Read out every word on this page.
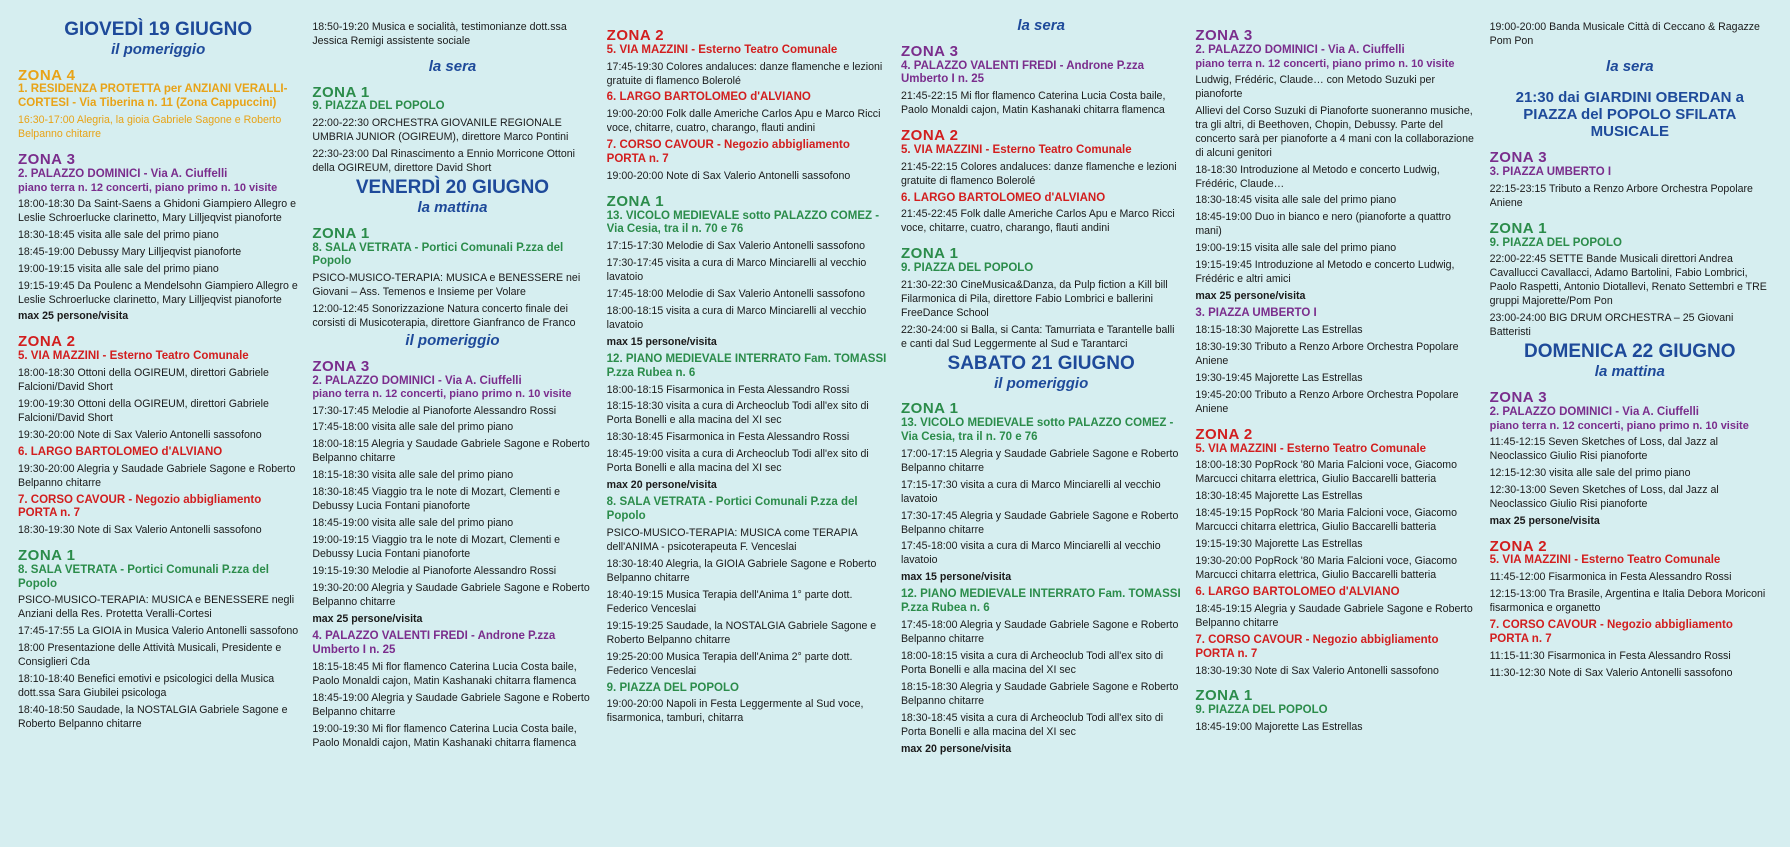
GIOVEDÌ 19 GIUGNO
il pomeriggio
ZONA 4
1. RESIDENZA PROTETTA per ANZIANI VERALLI-CORTESI - Via Tiberina n. 11 (Zona Cappuccini)
16:30-17:00 Alegria, la gioia Gabriele Sagone e Roberto Belpanno chitarre
ZONA 3
2. PALAZZO DOMINICI - Via A. Ciuffelli
piano terra n. 12 concerti, piano primo n. 10 visite
18:00-18:30 Da Saint-Saens a Ghidoni Giampiero Allegro e Leslie Schroerlucke clarinetto, Mary Lilljeqvist pianoforte
18:30-18:45 visita alle sale del primo piano
18:45-19:00 Debussy Mary Lilljeqvist pianoforte
19:00-19:15 visita alle sale del primo piano
19:15-19:45 Da Poulenc a Mendelsohn Giampiero Allegro e Leslie Schroerlucke clarinetto, Mary Lilljeqvist pianoforte
max 25 persone/visita
ZONA 2
5. VIA MAZZINI - Esterno Teatro Comunale
18:00-18:30 Ottoni della OGIREUM, direttori Gabriele Falcioni/David Short
19:00-19:30 Ottoni della OGIREUM, direttori Gabriele Falcioni/David Short
19:30-20:00 Note di Sax Valerio Antonelli sassofono
6. LARGO BARTOLOMEO d'ALVIANO
19:30-20:00 Alegria y Saudade Gabriele Sagone e Roberto Belpanno chitarre
7. CORSO CAVOUR - Negozio abbigliamento PORTA n. 7
18:30-19:30 Note di Sax Valerio Antonelli sassofono
ZONA 1
8. SALA VETRATA - Portici Comunali P.zza del Popolo
PSICO-MUSICO-TERAPIA: MUSICA e BENESSERE negli Anziani della Res. Protetta Veralli-Cortesi
17:45-17:55 La GIOIA in Musica Valerio Antonelli sassofono
18:00 Presentazione delle Attività Musicali, Presidente e Consiglieri Cda
18:10-18:40 Benefici emotivi e psicologici della Musica dott.ssa Sara Giubilei psicologa
18:40-18:50 Saudade, la NOSTALGIA Gabriele Sagone e Roberto Belpanno chitarre
18:50-19:20 Musica e socialità, testimonianze dott.ssa Jessica Remigi assistente sociale
la sera
ZONA 1
9. PIAZZA DEL POPOLO
22:00-22:30 ORCHESTRA GIOVANILE REGIONALE UMBRIA JUNIOR (OGIREUM), direttore Marco Pontini
22:30-23:00 Dal Rinascimento a Ennio Morricone Ottoni della OGIREUM, direttore David Short
VENERDÌ 20 GIUGNO
la mattina
ZONA 1
8. SALA VETRATA - Portici Comunali P.zza del Popolo
PSICO-MUSICO-TERAPIA: MUSICA e BENESSERE nei Giovani – Ass. Temenos e Insieme per Volare
12:00-12:45 Sonorizzazione Natura concerto finale dei corsisti di Musicoterapia, direttore Gianfranco de Franco
il pomeriggio
ZONA 3
2. PALAZZO DOMINICI - Via A. Ciuffelli
piano terra n. 12 concerti, piano primo n. 10 visite
17:30-17:45 Melodie al Pianoforte Alessandro Rossi
17:45-18:00 visita alle sale del primo piano
18:00-18:15 Alegria y Saudade Gabriele Sagone e Roberto Belpanno chitarre
18:15-18:30 visita alle sale del primo piano
18:30-18:45 Viaggio tra le note di Mozart, Clementi e Debussy Lucia Fontani pianoforte
18:45-19:00 visita alle sale del primo piano
19:00-19:15 Viaggio tra le note di Mozart, Clementi e Debussy Lucia Fontani pianoforte
19:15-19:30 Melodie al Pianoforte Alessandro Rossi
19:30-20:00 Alegria y Saudade Gabriele Sagone e Roberto Belpanno chitarre
max 25 persone/visita
4. PALAZZO VALENTI FREDI - Androne P.zza Umberto I n. 25
18:15-18:45 Mi flor flamenco Caterina Lucia Costa baile, Paolo Monaldi cajon, Matin Kashanaki chitarra flamenca
18:45-19:00 Alegria y Saudade Gabriele Sagone e Roberto Belpanno chitarre
19:00-19:30 Mi flor flamenco Caterina Lucia Costa baile, Paolo Monaldi cajon, Matin Kashanaki chitarra flamenca
ZONA 2
5. VIA MAZZINI - Esterno Teatro Comunale
17:45-19:30 Colores andaluces: danze flamenche e lezioni gratuite di flamenco Bolerolé
6. LARGO BARTOLOMEO d'ALVIANO
19:00-20:00 Folk dalle Americhe Carlos Apu e Marco Ricci voce, chitarre, cuatro, charango, flauti andini
7. CORSO CAVOUR - Negozio abbigliamento PORTA n. 7
19:00-20:00 Note di Sax Valerio Antonelli sassofono
ZONA 1
13. VICOLO MEDIEVALE sotto PALAZZO COMEZ - Via Cesia, tra il n. 70 e 76
17:15-17:30 Melodie di Sax Valerio Antonelli sassofono
17:30-17:45 visita a cura di Marco Minciarelli al vecchio lavatoio
17:45-18:00 Melodie di Sax Valerio Antonelli sassofono
18:00-18:15 visita a cura di Marco Minciarelli al vecchio lavatoio
max 15 persone/visita
12. PIANO MEDIEVALE INTERRATO Fam. TOMASSI P.zza Rubea n. 6
18:00-18:15 Fisarmonica in Festa Alessandro Rossi
18:15-18:30 visita a cura di Archeoclub Todi all'ex sito di Porta Bonelli e alla macina del XI sec
18:30-18:45 Fisarmonica in Festa Alessandro Rossi
18:45-19:00 visita a cura di Archeoclub Todi all'ex sito di Porta Bonelli e alla macina del XI sec
max 20 persone/visita
8. SALA VETRATA - Portici Comunali P.zza del Popolo
PSICO-MUSICO-TERAPIA: MUSICA come TERAPIA dell'ANIMA - psicoterapeuta F. Venceslai
18:30-18:40 Alegria, la GIOIA Gabriele Sagone e Roberto Belpanno chitarre
18:40-19:15 Musica Terapia dell'Anima 1° parte dott. Federico Venceslai
19:15-19:25 Saudade, la NOSTALGIA Gabriele Sagone e Roberto Belpanno chitarre
19:25-20:00 Musica Terapia dell'Anima 2° parte dott. Federico Venceslai
9. PIAZZA DEL POPOLO
19:00-20:00 Napoli in Festa Leggermente al Sud voce, fisarmonica, tamburi, chitarra
la sera
ZONA 3
4. PALAZZO VALENTI FREDI - Androne P.zza Umberto I n. 25
21:45-22:15 Mi flor flamenco Caterina Lucia Costa baile, Paolo Monaldi cajon, Matin Kashanaki chitarra flamenca
ZONA 2
5. VIA MAZZINI - Esterno Teatro Comunale
21:45-22:15 Colores andaluces: danze flamenche e lezioni gratuite di flamenco Bolerolé
6. LARGO BARTOLOMEO d'ALVIANO
21:45-22:45 Folk dalle Americhe Carlos Apu e Marco Ricci voce, chitarre, cuatro, charango, flauti andini
ZONA 1
9. PIAZZA DEL POPOLO
21:30-22:30 CineMusica&Danza, da Pulp fiction a Kill bill Filarmonica di Pila, direttore Fabio Lombrici e ballerini FreeDance School
22:30-24:00 si Balla, si Canta: Tamurriata e Tarantelle balli e canti dal Sud Leggermente al Sud e Tarantarci
SABATO 21 GIUGNO
il pomeriggio
ZONA 1
13. VICOLO MEDIEVALE sotto PALAZZO COMEZ - Via Cesia, tra il n. 70 e 76
17:00-17:15 Alegria y Saudade Gabriele Sagone e Roberto Belpanno chitarre
17:15-17:30 visita a cura di Marco Minciarelli al vecchio lavatoio
17:30-17:45 Alegria y Saudade Gabriele Sagone e Roberto Belpanno chitarre
17:45-18:00 visita a cura di Marco Minciarelli al vecchio lavatoio
max 15 persone/visita
12. PIANO MEDIEVALE INTERRATO Fam. TOMASSI P.zza Rubea n. 6
17:45-18:00 Alegria y Saudade Gabriele Sagone e Roberto Belpanno chitarre
18:00-18:15 visita a cura di Archeoclub Todi all'ex sito di Porta Bonelli e alla macina del XI sec
18:15-18:30 Alegria y Saudade Gabriele Sagone e Roberto Belpanno chitarre
18:30-18:45 visita a cura di Archeoclub Todi all'ex sito di Porta Bonelli e alla macina del XI sec
max 20 persone/visita
ZONA 3
2. PALAZZO DOMINICI - Via A. Ciuffelli
piano terra n. 12 concerti, piano primo n. 10 visite
Ludwig, Frédéric, Claude… con Metodo Suzuki per pianoforte
Allievi del Corso Suzuki di Pianoforte suoneranno musiche, tra gli altri, di Beethoven, Chopin, Debussy. Parte del concerto sarà per pianoforte a 4 mani con la collaborazione di alcuni genitori
18-18:30 Introduzione al Metodo e concerto Ludwig, Frédéric, Claude…
18:30-18:45 visita alle sale del primo piano
18:45-19:00 Duo in bianco e nero (pianoforte a quattro mani)
19:00-19:15 visita alle sale del primo piano
19:15-19:45 Introduzione al Metodo e concerto Ludwig, Frédéric e altri amici
max 25 persone/visita
3. PIAZZA UMBERTO I
18:15-18:30 Majorette Las Estrellas
18:30-19:30 Tributo a Renzo Arbore Orchestra Popolare Aniene
19:30-19:45 Majorette Las Estrellas
19:45-20:00 Tributo a Renzo Arbore Orchestra Popolare Aniene
ZONA 2
5. VIA MAZZINI - Esterno Teatro Comunale
18:00-18:30 PopRock '80 Maria Falcioni voce, Giacomo Marcucci chitarra elettrica, Giulio Baccarelli batteria
18:30-18:45 Majorette Las Estrellas
18:45-19:15 PopRock '80 Maria Falcioni voce, Giacomo Marcucci chitarra elettrica, Giulio Baccarelli batteria
19:15-19:30 Majorette Las Estrellas
19:30-20:00 PopRock '80 Maria Falcioni voce, Giacomo Marcucci chitarra elettrica, Giulio Baccarelli batteria
6. LARGO BARTOLOMEO d'ALVIANO
18:45-19:15 Alegria y Saudade Gabriele Sagone e Roberto Belpanno chitarre
7. CORSO CAVOUR - Negozio abbigliamento PORTA n. 7
18:30-19:30 Note di Sax Valerio Antonelli sassofono
ZONA 1
9. PIAZZA DEL POPOLO
18:45-19:00 Majorette Las Estrellas
19:00-20:00 Banda Musicale Città di Ceccano & Ragazze Pom Pon
la sera
21:30 dai GIARDINI OBERDAN a PIAZZA del POPOLO SFILATA MUSICALE
ZONA 3
3. PIAZZA UMBERTO I
22:15-23:15 Tributo a Renzo Arbore Orchestra Popolare Aniene
ZONA 1
9. PIAZZA DEL POPOLO
22:00-22:45 SETTE Bande Musicali direttori Andrea Cavallucci Cavallacci, Adamo Bartolini, Fabio Lombrici, Paolo Raspetti, Antonio Diotallevi, Renato Settembri e TRE gruppi Majorette/Pom Pon
23:00-24:00 BIG DRUM ORCHESTRA – 25 Giovani Batteristi
DOMENICA 22 GIUGNO
la mattina
ZONA 3
2. PALAZZO DOMINICI - Via A. Ciuffelli
piano terra n. 12 concerti, piano primo n. 10 visite
11:45-12:15 Seven Sketches of Loss, dal Jazz al Neoclassico Giulio Risi pianoforte
12:15-12:30 visita alle sale del primo piano
12:30-13:00 Seven Sketches of Loss, dal Jazz al Neoclassico Giulio Risi pianoforte
max 25 persone/visita
ZONA 2
5. VIA MAZZINI - Esterno Teatro Comunale
11:45-12:00 Fisarmonica in Festa Alessandro Rossi
12:15-13:00 Tra Brasile, Argentina e Italia Debora Moriconi fisarmonica e organetto
7. CORSO CAVOUR - Negozio abbigliamento PORTA n. 7
11:15-11:30 Fisarmonica in Festa Alessandro Rossi
11:30-12:30 Note di Sax Valerio Antonelli sassofono
